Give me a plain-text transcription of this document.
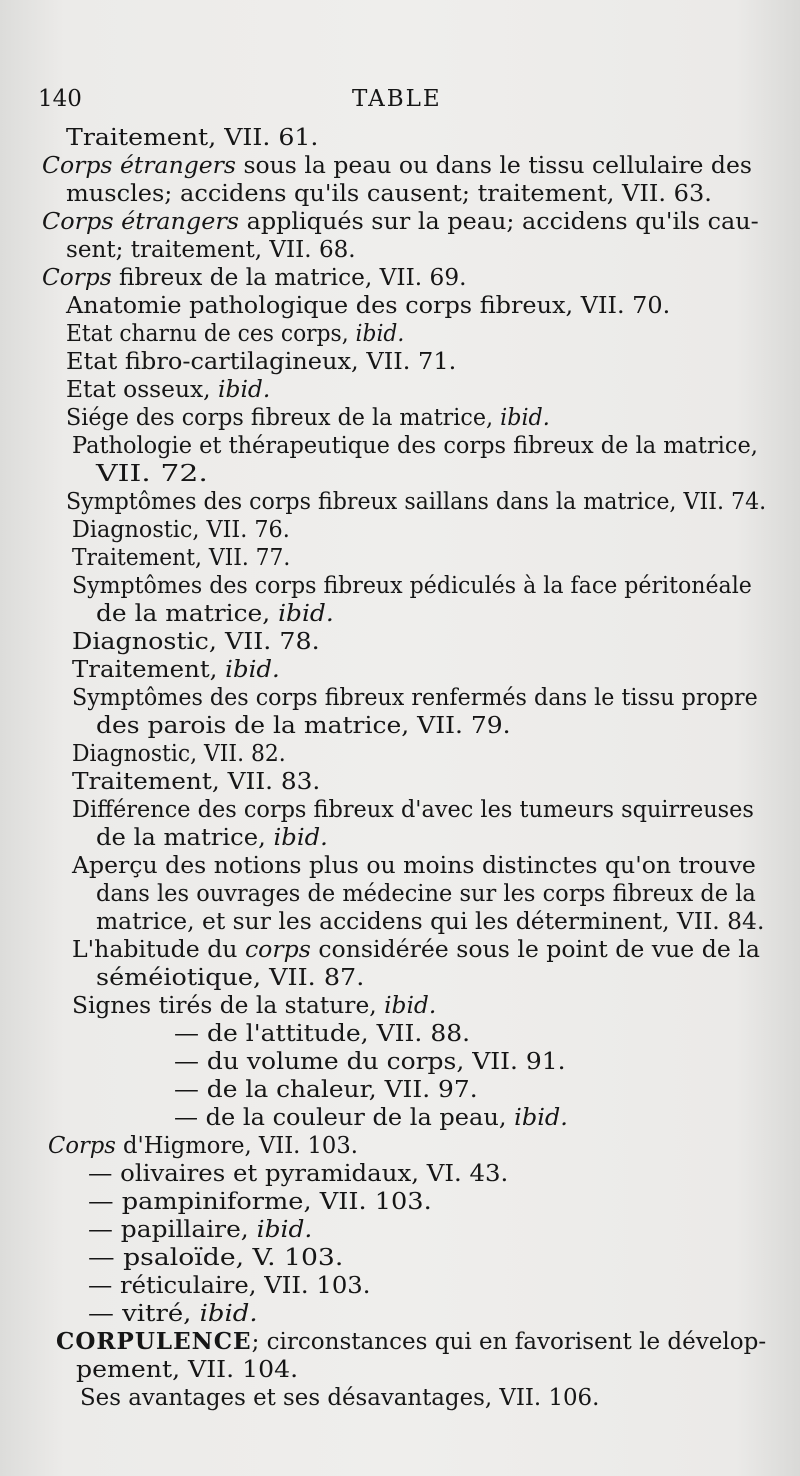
140	TABLE
Traitement, VII. 61.
Corps étrangers sous la peau ou dans le tissu cellulaire des
muscles; accidens qu'ils causent; traitement, VII. 63.
Corps étrangers appliqués sur la peau; accidens qu'ils cau-
sent; traitement, VII. 68.
Corps fibreux de la matrice, VII. 69.
Anatomie pathologique des corps fibreux, VII. 70.
Etat charnu de ces corps, ibid.
Etat fibro-cartilagineux, VII. 71.
Etat osseux, ibid.
Siége des corps fibreux de la matrice, ibid.
Pathologie et thérapeutique des corps fibreux de la matrice,
VII. 72.
Symptômes des corps fibreux saillans dans la matrice, VII. 74.
Diagnostic, VII. 76.
Traitement, VII. 77.
Symptômes des corps fibreux pédiculés à la face péritonéale
de la matrice, ibid.
Diagnostic, VII. 78.
Traitement, ibid.
Symptômes des corps fibreux renfermés dans le tissu propre
des parois de la matrice, VII. 79.
Diagnostic, VII. 82.
Traitement, VII. 83.
Différence des corps fibreux d'avec les tumeurs squirreuses
de la matrice, ibid.
Aperçu des notions plus ou moins distinctes qu'on trouve
dans les ouvrages de médecine sur les corps fibreux de la
matrice, et sur les accidens qui les déterminent, VII. 84.
L'habitude du corps considérée sous le point de vue de la
séméiotique, VII. 87.
Signes tirés de la stature, ibid.
— de l'attitude, VII. 88.
— du volume du corps, VII. 91.
— de la chaleur, VII. 97.
— de la couleur de la peau, ibid.
Corps d'Higmore, VII. 103.
— olivaires et pyramidaux, VI. 43.
— pampiniforme, VII. 103.
— papillaire, ibid.
— psaloïde, V. 103.
— réticulaire, VII. 103.
— vitré, ibid.
CORPULENCE; circonstances qui en favorisent le dévelop-
pement, VII. 104.
Ses avantages et ses désavantages, VII. 106.
